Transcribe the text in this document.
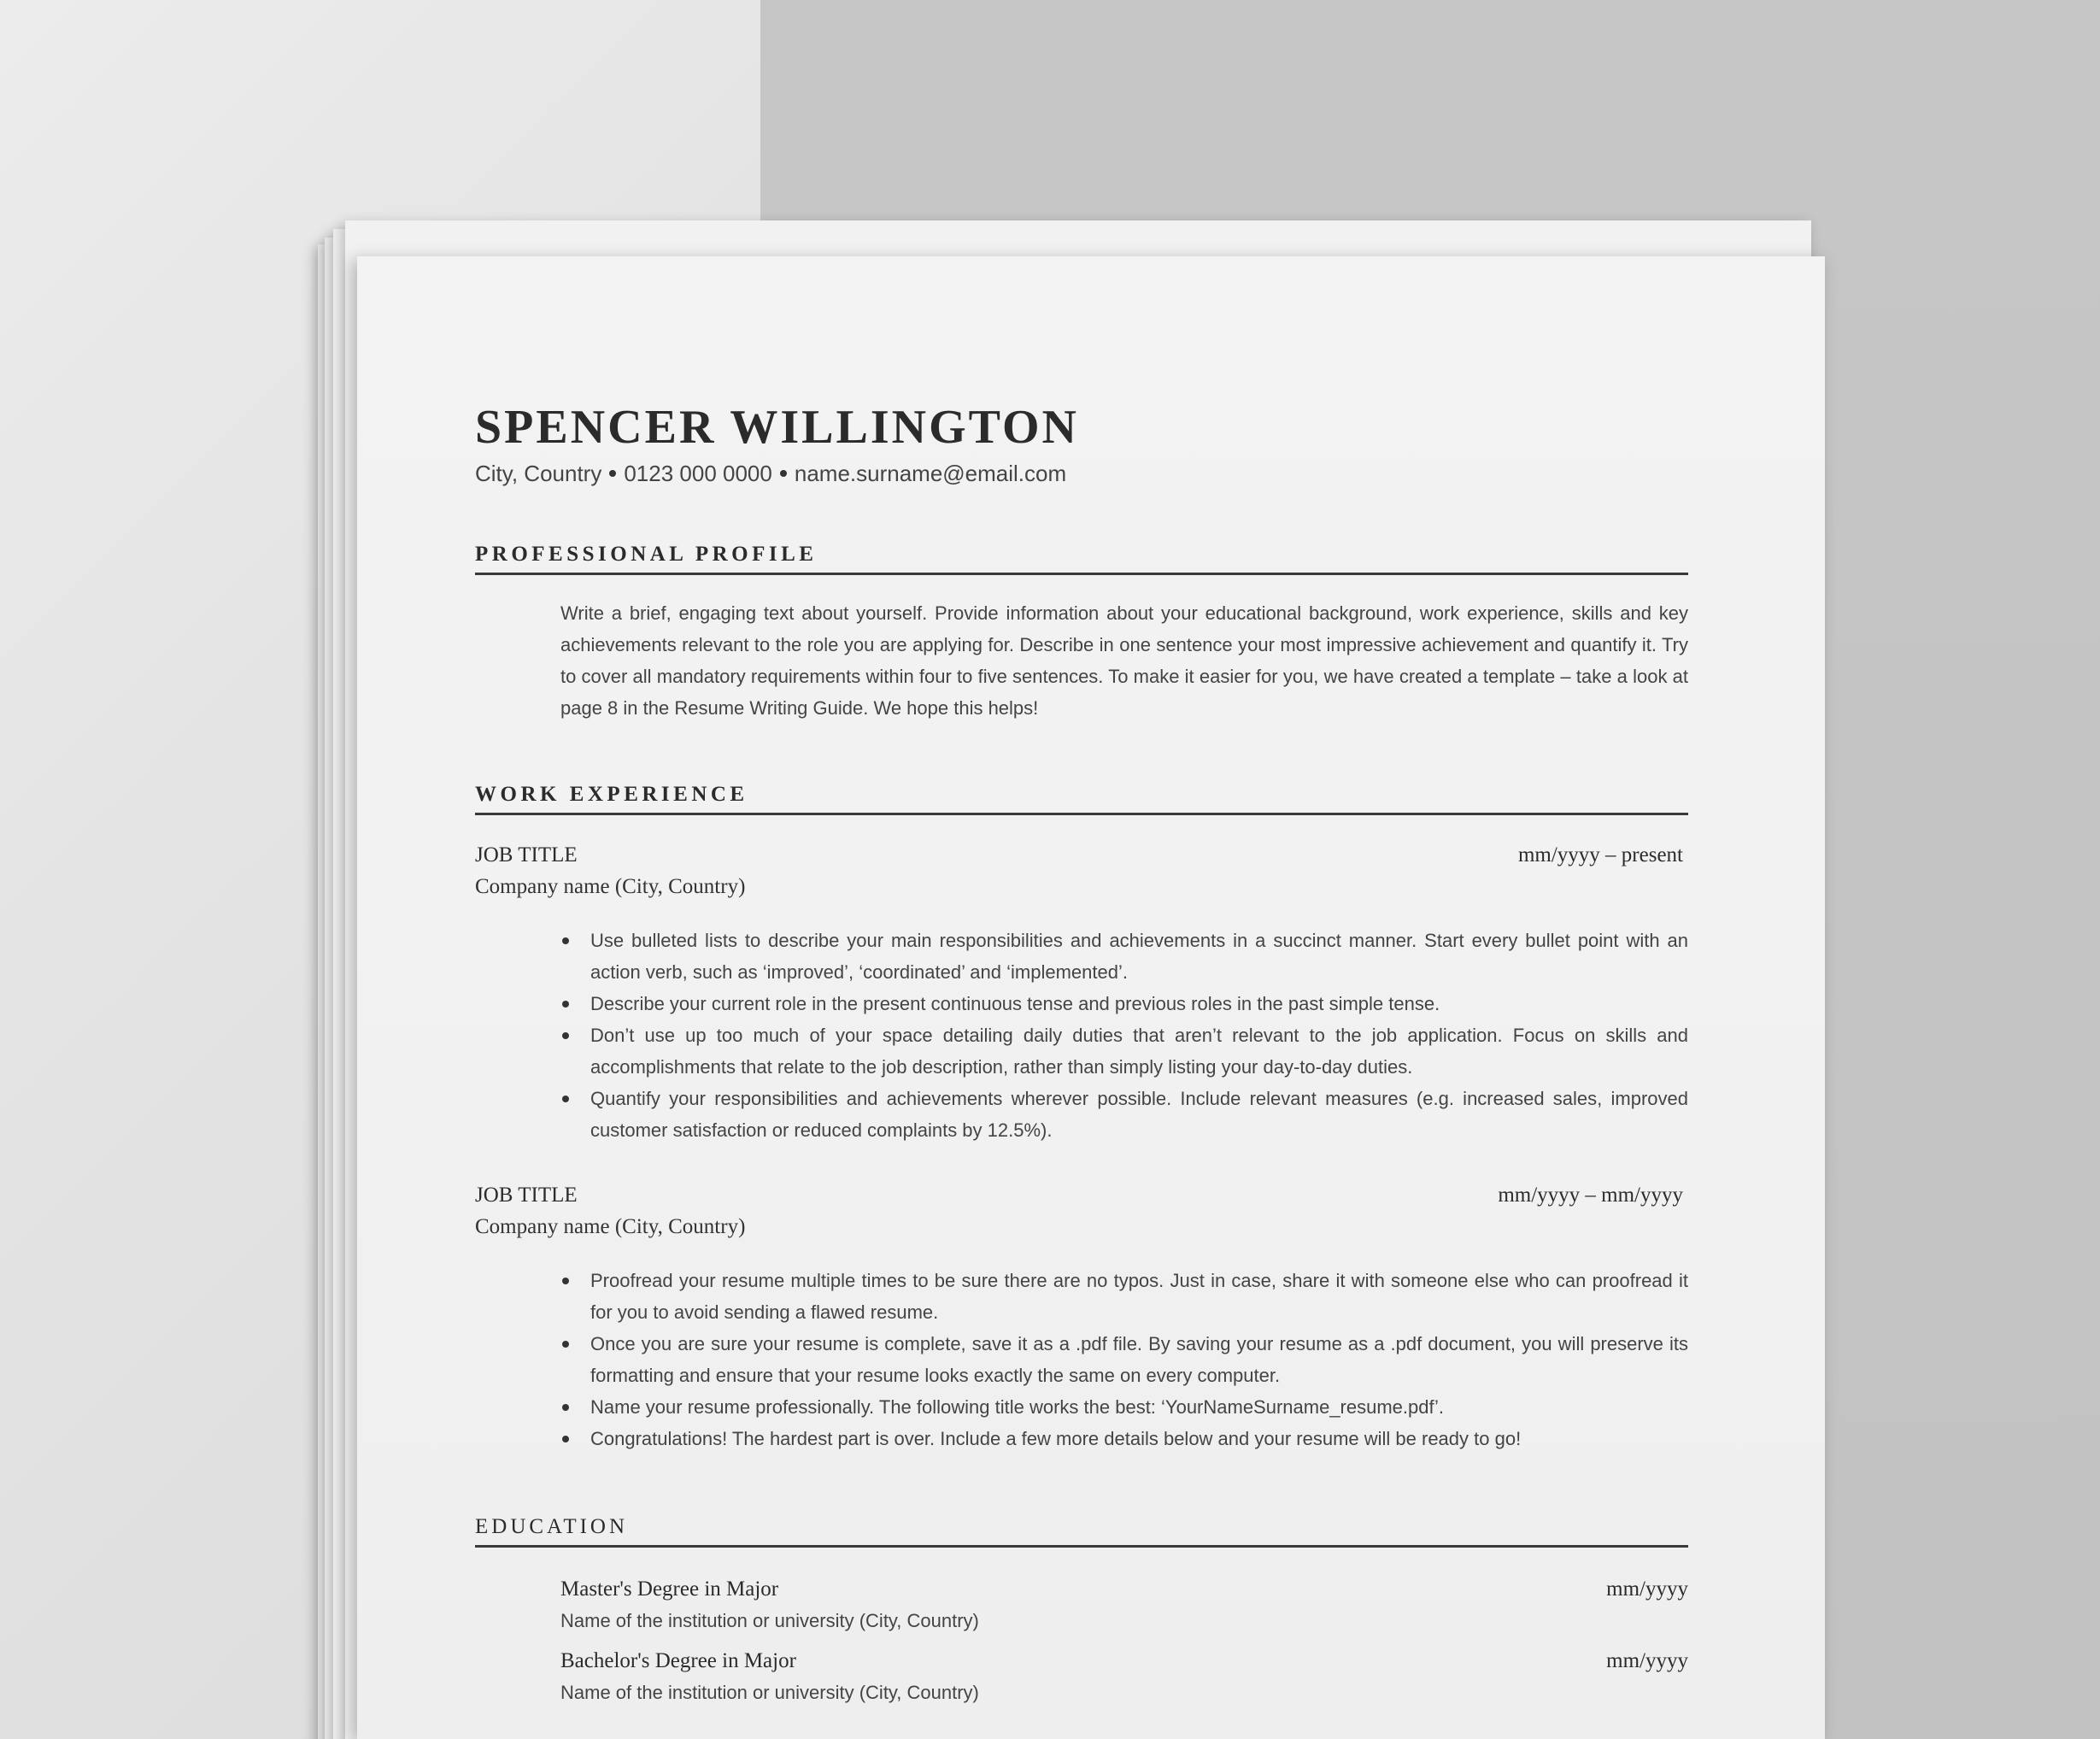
SPENCER WILLINGTON
City, Country 0123 000 0000 name.surname@email.com
PROFESSIONAL PROFILE
Write a brief, engaging text about yourself. Provide information about your educational background, work experience, skills and key achievements relevant to the role you are applying for. Describe in one sentence your most impressive achievement and quantify it. Try to cover all mandatory requirements within four to five sentences. To make it easier for you, we have created a template – take a look at page 8 in the Resume Writing Guide. We hope this helps!
WORK EXPERIENCE
JOB TITLE	mm/yyyy – present
Company name (City, Country)
Use bulleted lists to describe your main responsibilities and achievements in a succinct manner. Start every bullet point with an action verb, such as ‘improved’, ‘coordinated’ and ‘implemented’.
Describe your current role in the present continuous tense and previous roles in the past simple tense.
Don’t use up too much of your space detailing daily duties that aren’t relevant to the job application. Focus on skills and accomplishments that relate to the job description, rather than simply listing your day-to-day duties.
Quantify your responsibilities and achievements wherever possible. Include relevant measures (e.g. increased sales, improved customer satisfaction or reduced complaints by 12.5%).
JOB TITLE	mm/yyyy – mm/yyyy
Company name (City, Country)
Proofread your resume multiple times to be sure there are no typos. Just in case, share it with someone else who can proofread it for you to avoid sending a flawed resume.
Once you are sure your resume is complete, save it as a .pdf file. By saving your resume as a .pdf document, you will preserve its formatting and ensure that your resume looks exactly the same on every computer.
Name your resume professionally. The following title works the best: ‘YourNameSurname_resume.pdf’.
Congratulations! The hardest part is over. Include a few more details below and your resume will be ready to go!
EDUCATION
Master's Degree in Major	mm/yyyy
Name of the institution or university (City, Country)
Bachelor's Degree in Major	mm/yyyy
Name of the institution or university (City, Country)
